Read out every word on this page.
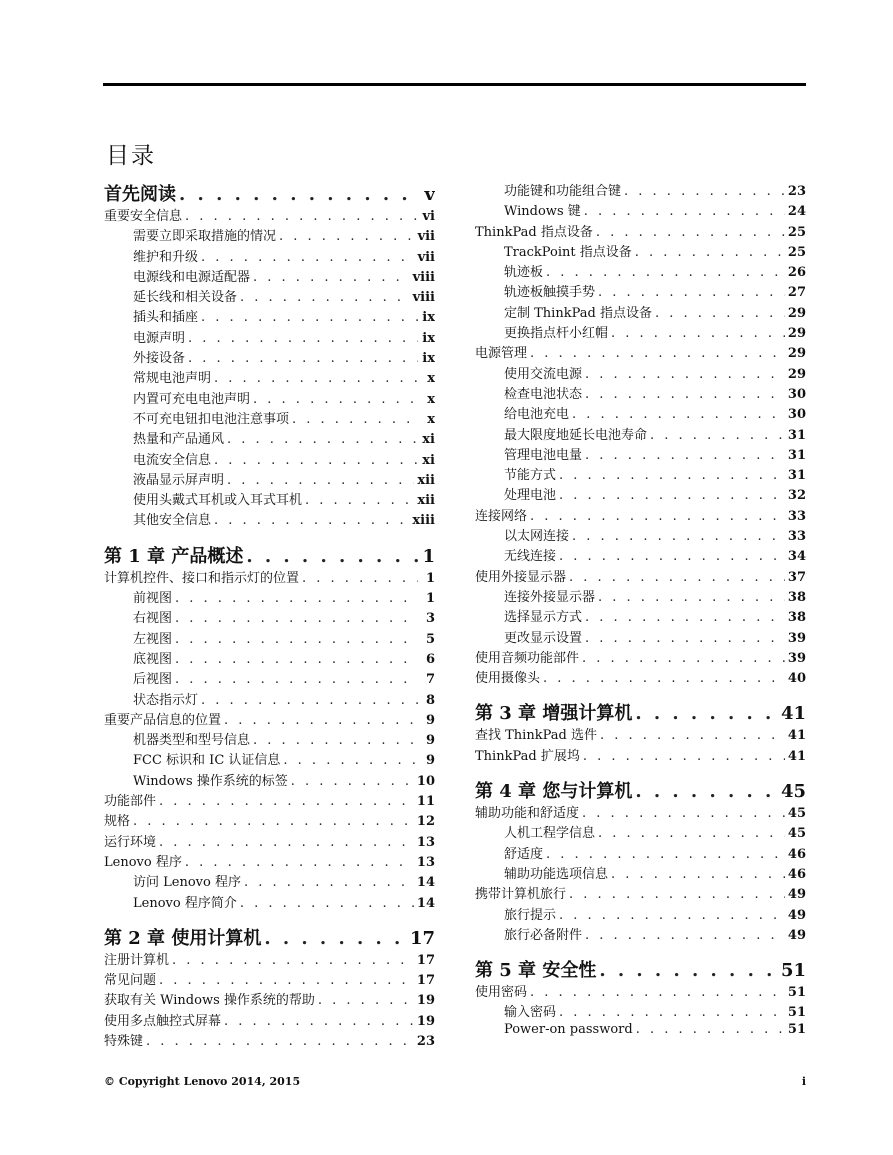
目录
首先阅读 . . .	v
重要安全信息 . . .	vi
需要立即采取措施的情况 . . .	vii
维护和升级 . . .	vii
电源线和电源适配器 . . .	viii
延长线和相关设备 . . .	viii
插头和插座 . . .	ix
电源声明 . . .	ix
外接设备 . . .	ix
常规电池声明 . . .	x
内置可充电电池声明 . . .	x
不可充电钮扣电池注意事项 . . .	x
热量和产品通风 . . .	xi
电流安全信息 . . .	xi
液晶显示屏声明 . . .	xii
使用头戴式耳机或入耳式耳机 . . .	xii
其他安全信息 . . .	xiii
第 1 章 产品概述 . . .	1
计算机控件、接口和指示灯的位置 . . .	1
前视图 . . .	1
右视图 . . .	3
左视图 . . .	5
底视图 . . .	6
后视图 . . .	7
状态指示灯 . . .	8
重要产品信息的位置 . . .	9
机器类型和型号信息 . . .	9
FCC 标识和 IC 认证信息 . . .	9
Windows 操作系统的标签 . . .	10
功能部件 . . .	11
规格 . . .	12
运行环境 . . .	13
Lenovo 程序 . . .	13
访问 Lenovo 程序 . . .	14
Lenovo 程序简介 . . .	14
第 2 章 使用计算机 . . .	17
注册计算机 . . .	17
常见问题 . . .	17
获取有关 Windows 操作系统的帮助 . . .	19
使用多点触控式屏幕 . . .	19
特殊键 . . .	23
功能键和功能组合键 . . .	23
Windows 键 . . .	24
ThinkPad 指点设备 . . .	25
TrackPoint 指点设备 . . .	25
轨迹板 . . .	26
轨迹板触摸手势 . . .	27
定制 ThinkPad 指点设备 . . .	29
更换指点杆小红帽 . . .	29
电源管理 . . .	29
使用交流电源 . . .	29
检查电池状态 . . .	30
给电池充电 . . .	30
最大限度地延长电池寿命 . . .	31
管理电池电量 . . .	31
节能方式 . . .	31
处理电池 . . .	32
连接网络 . . .	33
以太网连接 . . .	33
无线连接 . . .	34
使用外接显示器 . . .	37
连接外接显示器 . . .	38
选择显示方式 . . .	38
更改显示设置 . . .	39
使用音频功能部件 . . .	39
使用摄像头 . . .	40
第 3 章 增强计算机 . . .	41
查找 ThinkPad 选件 . . .	41
ThinkPad 扩展坞 . . .	41
第 4 章 您与计算机 . . .	45
辅助功能和舒适度 . . .	45
人机工程学信息 . . .	45
舒适度 . . .	46
辅助功能选项信息 . . .	46
携带计算机旅行 . . .	49
旅行提示 . . .	49
旅行必备附件 . . .	49
第 5 章 安全性 . . .	51
使用密码 . . .	51
输入密码 . . .	51
Power-on password . . .	51
© Copyright Lenovo 2014, 2015	i
